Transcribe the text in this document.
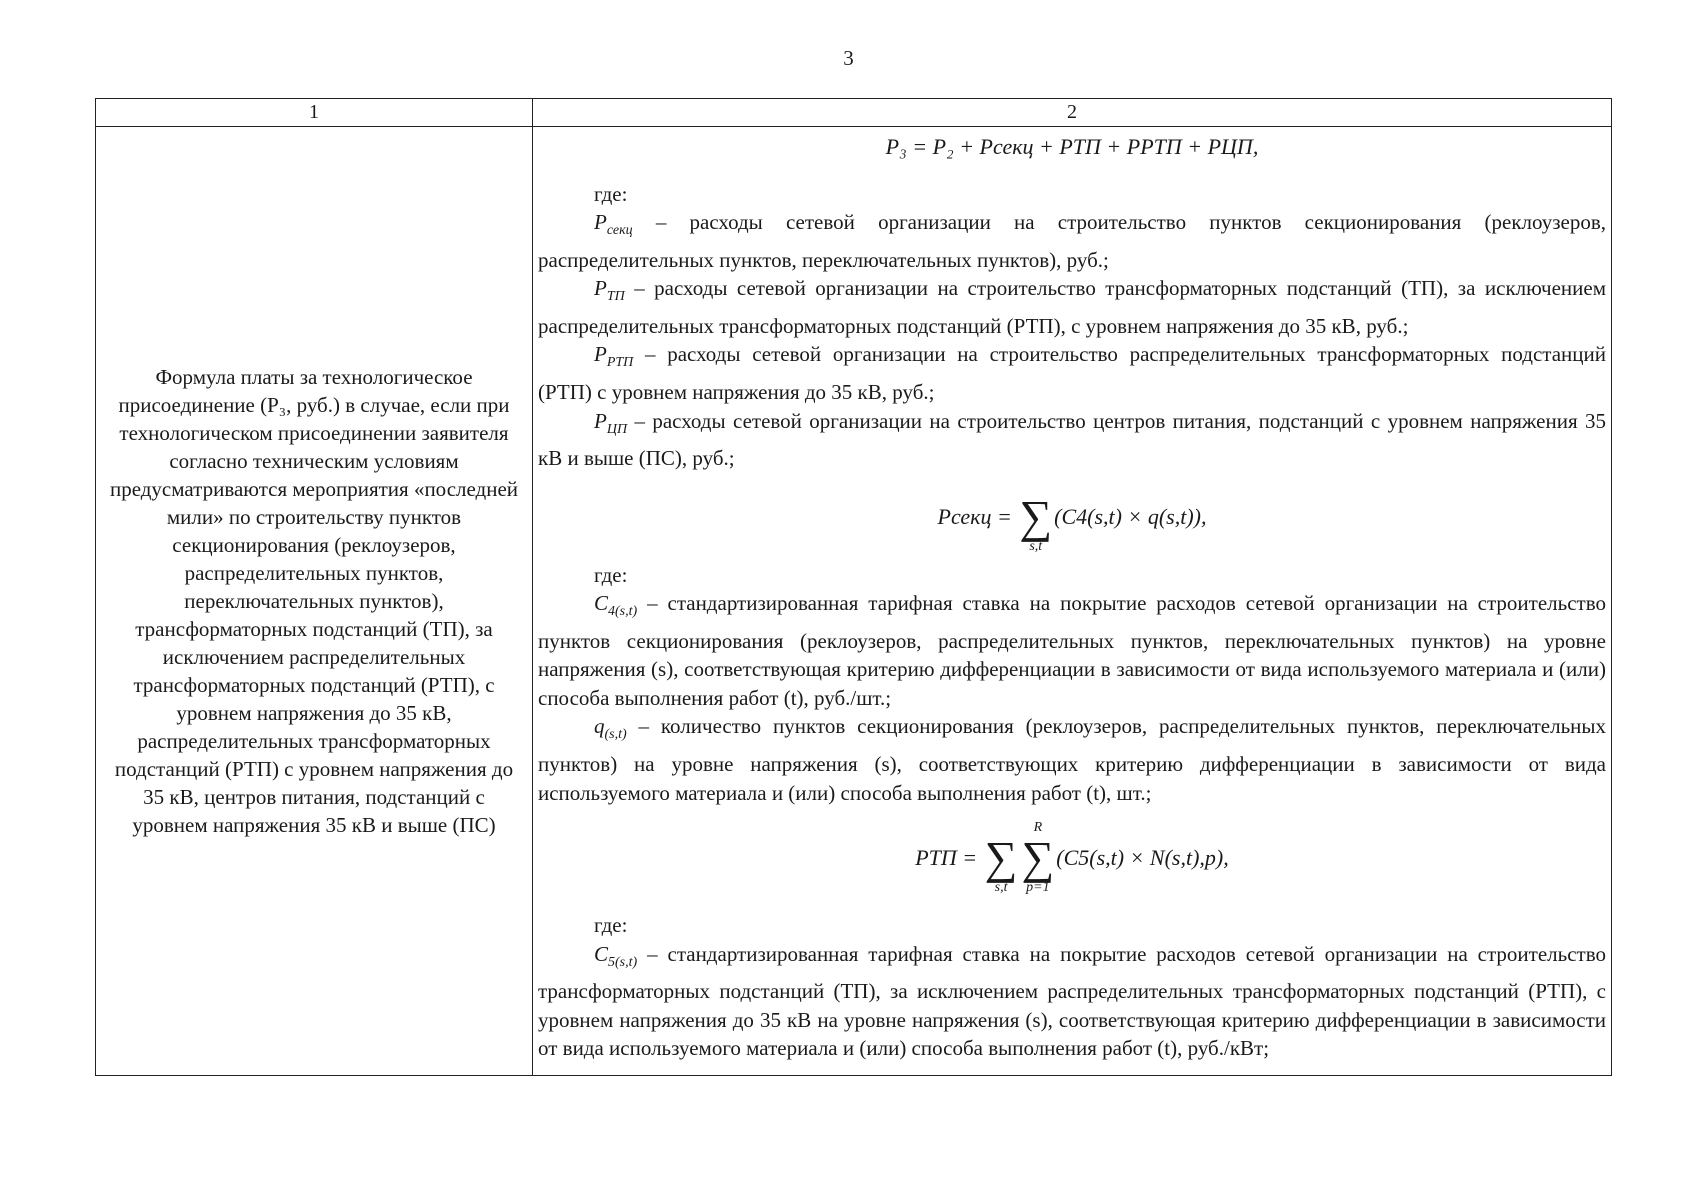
3
1	2
Формула платы за технологическое присоединение (P₃, руб.) в случае, если при технологическом присоединении заявителя согласно техническим условиям предусматриваются мероприятия «последней мили» по строительству пунктов секционирования (реклоузеров, распределительных пунктов, переключательных пунктов), трансформаторных подстанций (ТП), за исключением распределительных трансформаторных подстанций (РТП), с уровнем напряжения до 35 кВ, распределительных трансформаторных подстанций (РТП) с уровнем напряжения до 35 кВ, центров питания, подстанций с уровнем напряжения 35 кВ и выше (ПС)
P₃ = P₂ + Pсекц + PТП + PРТП + PЦП,

где:

$P_{секц}$ – расходы сетевой организации на строительство пунктов секционирования (реклоузеров, распределительных пунктов, переключательных пунктов), руб.;

$P_{ТП}$ – расходы сетевой организации на строительство трансформаторных подстанций (ТП), за исключением распределительных трансформаторных подстанций (РТП), с уровнем напряжения до 35 кВ, руб.;

$P_{РТП}$ – расходы сетевой организации на строительство распределительных трансформаторных подстанций (РТП) с уровнем напряжения до 35 кВ, руб.;

$P_{ЦП}$ – расходы сетевой организации на строительство центров питания, подстанций с уровнем напряжения 35 кВ и выше (ПС), руб.;

Pсекц =
∑
s,t
(C4(s,t) × q(s,t)),

где:

$C_{4(s,t)}$ – стандартизированная тарифная ставка на покрытие расходов сетевой организации на строительство пунктов секционирования (реклоузеров, распределительных пунктов, переключательных пунктов) на уровне напряжения (s), соответствующая критерию дифференциации в зависимости от вида используемого материала и (или) способа выполнения работ (t), руб./шт.;

$q_{(s,t)}$ – количество пунктов секционирования (реклоузеров, распределительных пунктов, переключательных пунктов) на уровне напряжения (s), соответствующих критерию дифференциации в зависимости от вида используемого материала и (или) способа выполнения работ (t), шт.;

PТП =
∑
s,t
R
∑
p=1
(C5(s,t) × N(s,t),p),

где:

$C_{5(s,t)}$ – стандартизированная тарифная ставка на покрытие расходов сетевой организации на строительство трансформаторных подстанций (ТП), за исключением распределительных трансформаторных подстанций (РТП), с уровнем напряжения до 35 кВ на уровне напряжения (s), соответствующая критерию дифференциации в зависимости от вида используемого материала и (или) способа выполнения работ (t), руб./кВт;
